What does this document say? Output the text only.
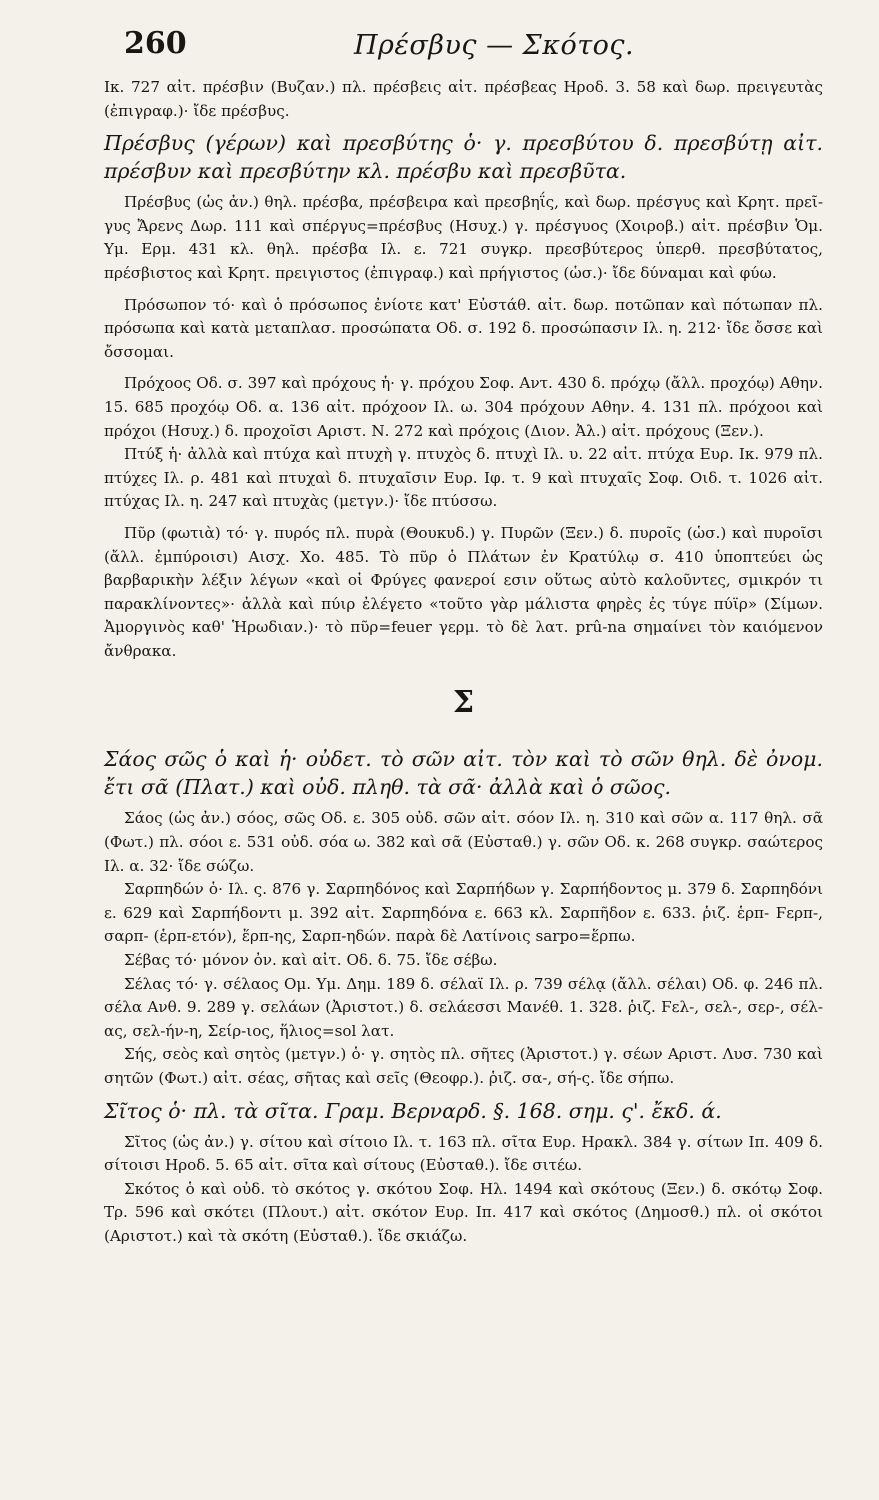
260	Πρέσβυς — Σκότος.

Ικ. 727 αἰτ. πρέσβιν (Βυζαν.) πλ. πρέσβεις αἰτ. πρέσβεας Ηροδ. 3. 58 καὶ δωρ. πρειγευτὰς (ἐπιγραφ.)· ἴδε πρέσβυς.

Πρέσβυς (γέρων) καὶ πρεσβύτης ὁ· γ. πρεσβύτου δ. πρεσβύτῃ αἰτ. πρέσβυν καὶ πρεσβύτην κλ. πρέσβυ καὶ πρεσβῦτα.

Πρέσβυς (ὡς ἀν.) θηλ. πρέσβα, πρέσβειρα καὶ πρεσβηΐς, καὶ δωρ. πρέσγυς καὶ Κρητ. πρεῖ-γυς Ἄρενς Δωρ. 111 καὶ σπέργυς=πρέσβυς (Ησυχ.) γ. πρέσγυος (Χοιροβ.) αἰτ. πρέσβιν Ὁμ. Υμ. Ερμ. 431 κλ. θηλ. πρέσβα Ιλ. ε. 721 συγκρ. πρεσβύτερος ὑπερθ. πρεσβύτατος, πρέσβιστος καὶ Κρητ. πρειγιστος (ἐπιγραφ.) καὶ πρήγιστος (ὡσ.)· ἴδε δύναμαι καὶ φύω.

Πρόσωπον τό· καὶ ὁ πρόσωπος ἐνίοτε κατ' Εὐστάθ. αἰτ. δωρ. ποτῶπαν καὶ πότωπαν πλ. πρόσωπα καὶ κατὰ μεταπλασ. προσώπατα Οδ. σ. 192 δ. προσώπασιν Ιλ. η. 212· ἴδε ὄσσε καὶ ὄσσομαι.

Πρόχοος Οδ. σ. 397 καὶ πρόχους ἡ· γ. πρόχου Σοφ. Αντ. 430 δ. πρόχῳ (ἄλλ. προχόῳ) Αθην. 15. 685 προχόῳ Οδ. α. 136 αἰτ. πρόχοον Ιλ. ω. 304 πρόχουν Αθην. 4. 131 πλ. πρόχοοι καὶ πρόχοι (Ησυχ.) δ. προχοῖσι Αριστ. Ν. 272 καὶ πρόχοις (Διον. Ἀλ.) αἰτ. πρόχους (Ξεν.).

Πτύξ ἡ· ἀλλὰ καὶ πτύχα καὶ πτυχὴ γ. πτυχὸς δ. πτυχὶ Ιλ. υ. 22 αἰτ. πτύχα Ευρ. Ικ. 979 πλ. πτύχες Ιλ. ρ. 481 καὶ πτυχαὶ δ. πτυχαῖσιν Ευρ. Ιφ. τ. 9 καὶ πτυχαῖς Σοφ. Οιδ. τ. 1026 αἰτ. πτύχας Ιλ. η. 247 καὶ πτυχὰς (μετγν.)· ἴδε πτύσσω.

Πῦρ (φωτιὰ) τό· γ. πυρός πλ. πυρὰ (Θουκυδ.) γ. Πυρῶν (Ξεν.) δ. πυροῖς (ὡσ.) καὶ πυροῖσι (ἄλλ. ἐμπύροισι) Αισχ. Χο. 485. Τὸ πῦρ ὁ Πλάτων ἐν Κρατύλῳ σ. 410 ὑποπτεύει ὡς βαρβαρικὴν λέξιν λέγων «καὶ οἱ Φρύγες φανεροί εσιν οὕτως αὐτὸ καλοῦντες, σμικρόν τι παρακλίνοντες»· ἀλλὰ καὶ πύιρ ἐλέγετο «τοῦτο γὰρ μάλιστα φηρὲς ἐς τύγε πύϊρ» (Σίμων. Ἀμοργινὸς καθ' Ἡρωδιαν.)· τὸ πῦρ=feuer γερμ. τὸ δὲ λατ. prû-na σημαίνει τὸν καιόμενον ἄνθρακα.

Σ

Σάος σῶς ὁ καὶ ἡ· οὐδετ. τὸ σῶν αἰτ. τὸν καὶ τὸ σῶν θηλ. δὲ ὀνομ. ἔτι σᾶ (Πλατ.) καὶ οὐδ. πληθ. τὰ σᾶ· ἀλλὰ καὶ ὁ σῶος.

Σάος (ὡς ἀν.) σόος, σῶς Οδ. ε. 305 οὐδ. σῶν αἰτ. σόον Ιλ. η. 310 καὶ σῶν α. 117 θηλ. σᾶ (Φωτ.) πλ. σόοι ε. 531 οὐδ. σόα ω. 382 καὶ σᾶ (Εὐσταθ.) γ. σῶν Οδ. κ. 268 συγκρ. σαώτερος Ιλ. α. 32· ἴδε σώζω.

Σαρπηδών ὁ· Ιλ. ς. 876 γ. Σαρπηδόνος καὶ Σαρπήδων γ. Σαρπήδοντος μ. 379 δ. Σαρπηδόνι ε. 629 καὶ Σαρπήδοντι μ. 392 αἰτ. Σαρπηδόνα ε. 663 κλ. Σαρπῆδον ε. 633. ῥιζ. ἑρπ- Ϝερπ-, σαρπ- (ἑρπ-ετόν), ἕρπ-ης, Σαρπ-ηδών. παρὰ δὲ Λατίνοις sarpo=ἕρπω.

Σέβας τό· μόνον ὀν. καὶ αἰτ. Οδ. δ. 75. ἴδε σέβω.

Σέλας τό· γ. σέλαος Ομ. Υμ. Δημ. 189 δ. σέλαϊ Ιλ. ρ. 739 σέλᾳ (ἄλλ. σέλαι) Οδ. φ. 246 πλ. σέλα Ανθ. 9. 289 γ. σελάων (Ἀριστοτ.) δ. σελάεσσι Μανέθ. 1. 328. ῥιζ. Ϝελ-, σελ-, σερ-, σέλ-ας, σελ-ήν-η, Σείρ-ιος, ἥλιος=sol λατ.

Σής, σεὸς καὶ σητὸς (μετγν.) ὁ· γ. σητὸς πλ. σῆτες (Ἀριστοτ.) γ. σέων Αριστ. Λυσ. 730 καὶ σητῶν (Φωτ.) αἰτ. σέας, σῆτας καὶ σεῖς (Θεοφρ.). ῥιζ. σα-, σή-ς. ἴδε σήπω.

Σῖτος ὁ· πλ. τὰ σῖτα. Γραμ. Βερναρδ. §. 168. σημ. ς'. ἔκδ. ά.

Σῖτος (ὡς ἀν.) γ. σίτου καὶ σίτοιο Ιλ. τ. 163 πλ. σῖτα Ευρ. Ηρακλ. 384 γ. σίτων Ιπ. 409 δ. σίτοισι Ηροδ. 5. 65 αἰτ. σῖτα καὶ σίτους (Εὐσταθ.). ἴδε σιτέω.

Σκότος ὁ καὶ οὐδ. τὸ σκότος γ. σκότου Σοφ. Ηλ. 1494 καὶ σκότους (Ξεν.) δ. σκότῳ Σοφ. Τρ. 596 καὶ σκότει (Πλουτ.) αἰτ. σκότον Ευρ. Ιπ. 417 καὶ σκότος (Δημοσθ.) πλ. οἱ σκότοι (Αριστοτ.) καὶ τὰ σκότη (Εὐσταθ.). ἴδε σκιάζω.
